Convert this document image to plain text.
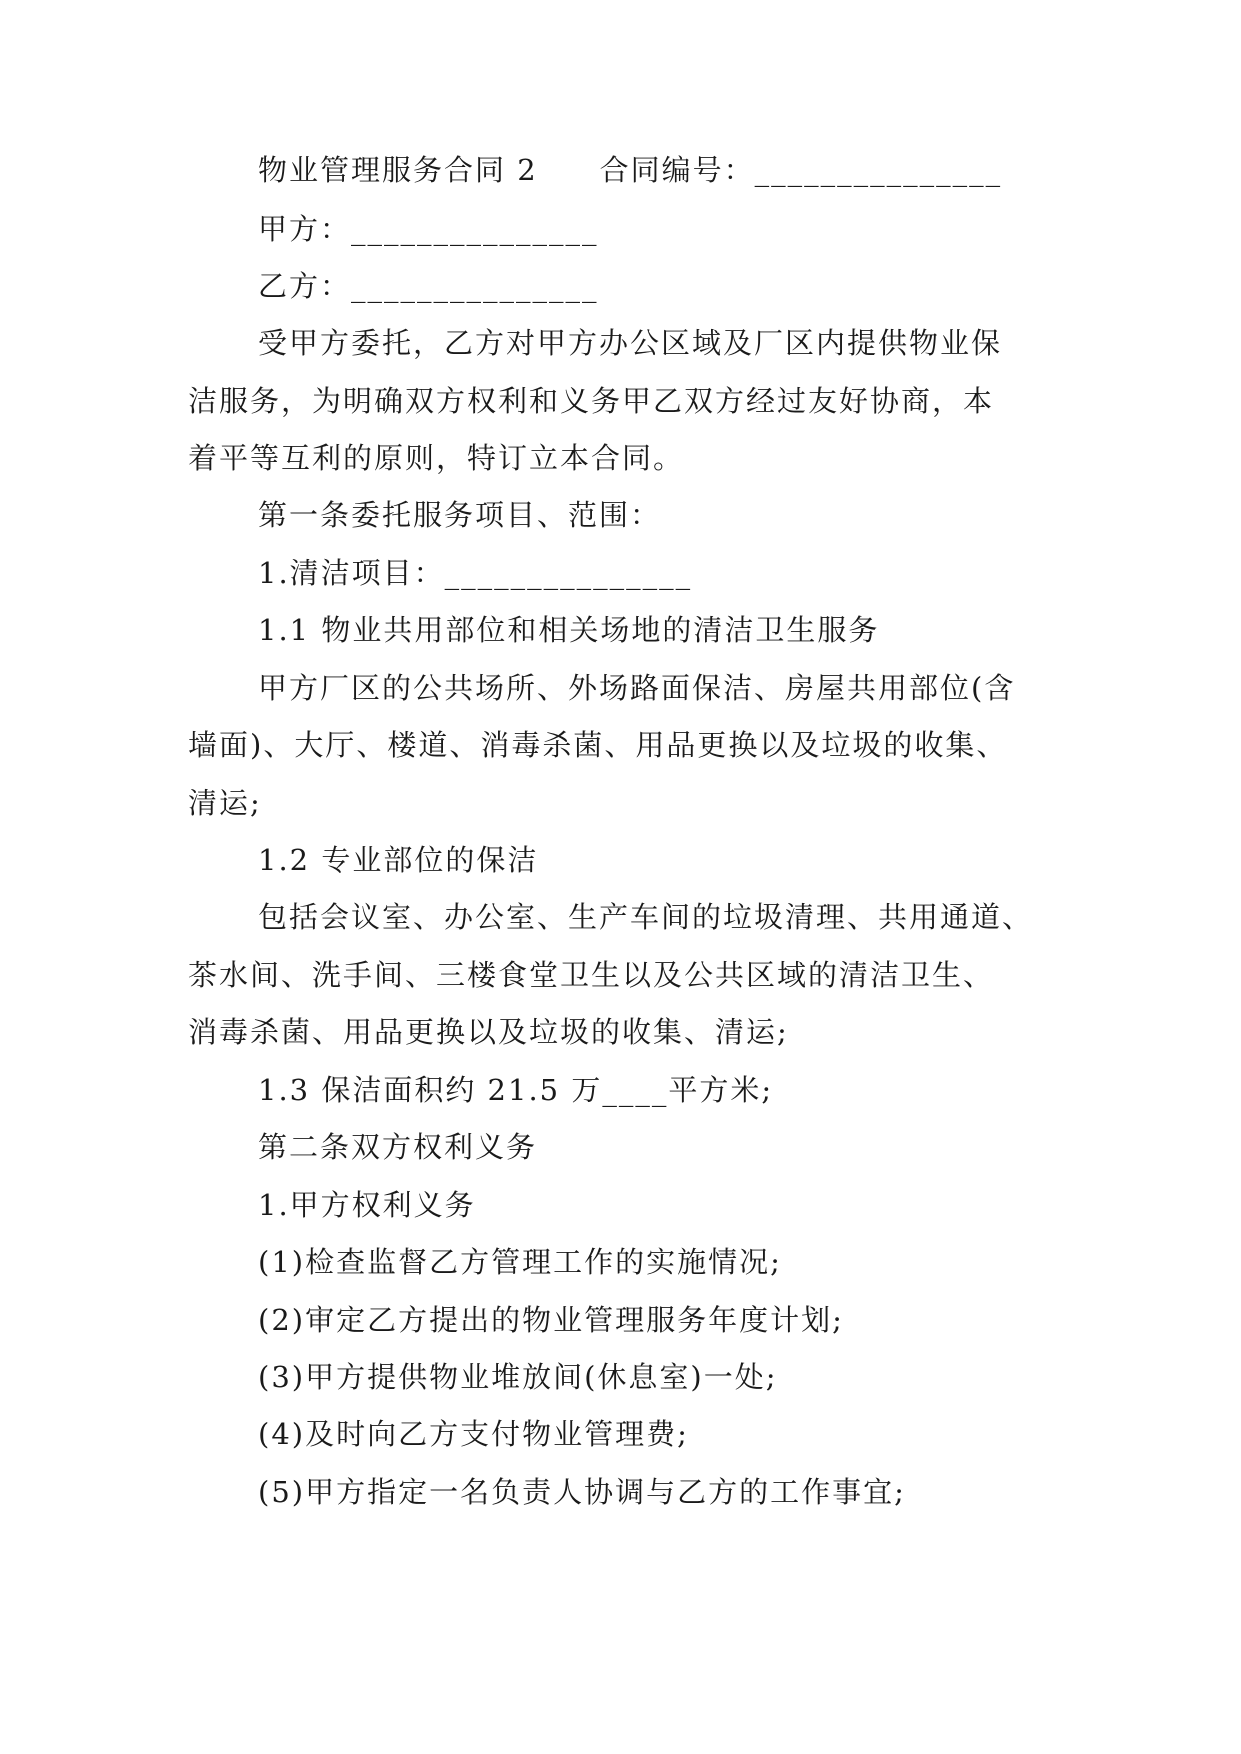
物业管理服务合同 2　　合同编号：_______________
甲方：_______________
乙方：_______________
受甲方委托，乙方对甲方办公区域及厂区内提供物业保
洁服务，为明确双方权利和义务甲乙双方经过友好协商，本
着平等互利的原则，特订立本合同。
第一条委托服务项目、范围：
1.清洁项目：_______________
1.1 物业共用部位和相关场地的清洁卫生服务
甲方厂区的公共场所、外场路面保洁、房屋共用部位(含
墙面)、大厅、楼道、消毒杀菌、用品更换以及垃圾的收集、
清运;
1.2 专业部位的保洁
包括会议室、办公室、生产车间的垃圾清理、共用通道、
茶水间、洗手间、三楼食堂卫生以及公共区域的清洁卫生、
消毒杀菌、用品更换以及垃圾的收集、清运;
1.3 保洁面积约 21.5 万____平方米;
第二条双方权利义务
1.甲方权利义务
(1)检查监督乙方管理工作的实施情况;
(2)审定乙方提出的物业管理服务年度计划;
(3)甲方提供物业堆放间(休息室)一处;
(4)及时向乙方支付物业管理费;
(5)甲方指定一名负责人协调与乙方的工作事宜;
